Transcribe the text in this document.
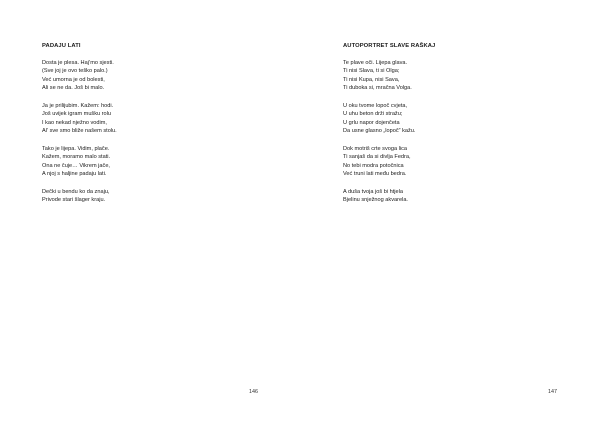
PADAJU LATI
Dosta je plesa. Haj’mo sjesti.
(Sve joj je ovo teško palo.)
Već umorna je od bolesti,
Ali se ne da. Još bi malo.
Ja je prilijubim. Kažem: hodi.
Još uvijek igram mušku rolu
I kao nekad nježno vodim,
Al’ sve smo bliže našem stolu.
Tako je lijepa. Vidim, plače.
Kažem, moramo malo stati.
Ona ne čuje… Vikrem jače,
A njoj s haljine padaju lati.
Dečki u bendu ko da znaju,
Privode stari šlager kraju.
146
AUTOPORTRET SLAVE RAŠKAJ
Te plave oči. Lijepa glava.
Ti nisi Slava, ti si Olga;
Ti nisi Kupa, nisi Sava,
Ti duboka si, mračna Volga.
U oku tvome lopoč cvjeta,
U uhu beton drži stražu;
U grlu napor dojenčeta
Da usne glasno „lopoč” kažu.
Dok motriš crte svoga lica
Ti sanjaš da si divlja Fedra,
No tebi modra potočnica
Već truni lati među bedra.
A duša tvoja još bi htjela
Bjelinu snježnog akvarela.
147
